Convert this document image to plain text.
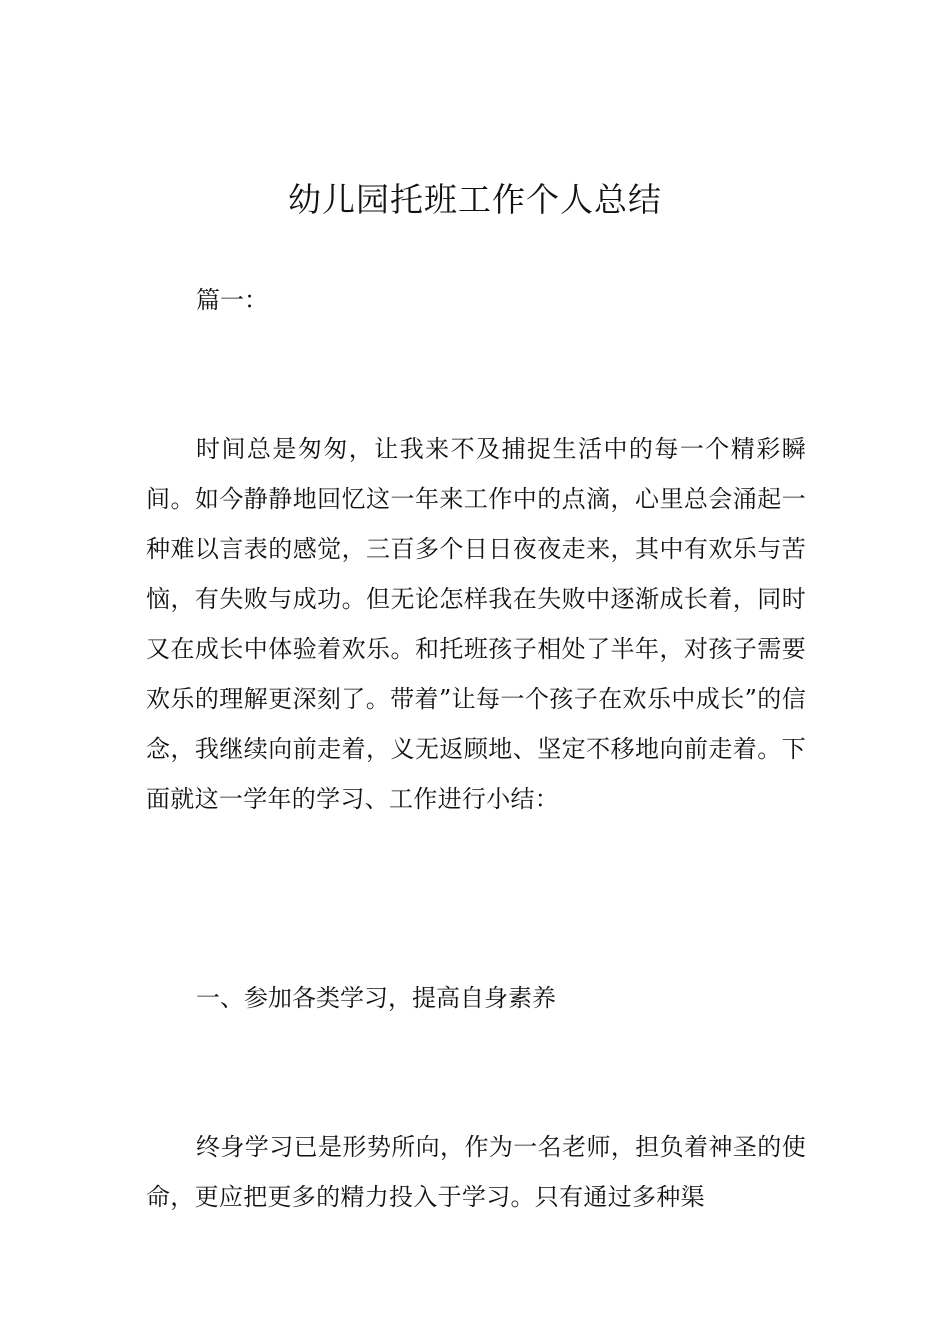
幼儿园托班工作个人总结

篇一：

时间总是匆匆，让我来不及捕捉生活中的每一个精彩瞬间。如今静静地回忆这一年来工作中的点滴，心里总会涌起一种难以言表的感觉，三百多个日日夜夜走来，其中有欢乐与苦恼，有失败与成功。但无论怎样我在失败中逐渐成长着，同时又在成长中体验着欢乐。和托班孩子相处了半年，对孩子需要欢乐的理解更深刻了。带着”让每一个孩子在欢乐中成长”的信念，我继续向前走着，义无返顾地、坚定不移地向前走着。下面就这一学年的学习、工作进行小结：

一、参加各类学习，提高自身素养

终身学习已是形势所向，作为一名老师，担负着神圣的使命，更应把更多的精力投入于学习。只有通过多种渠
